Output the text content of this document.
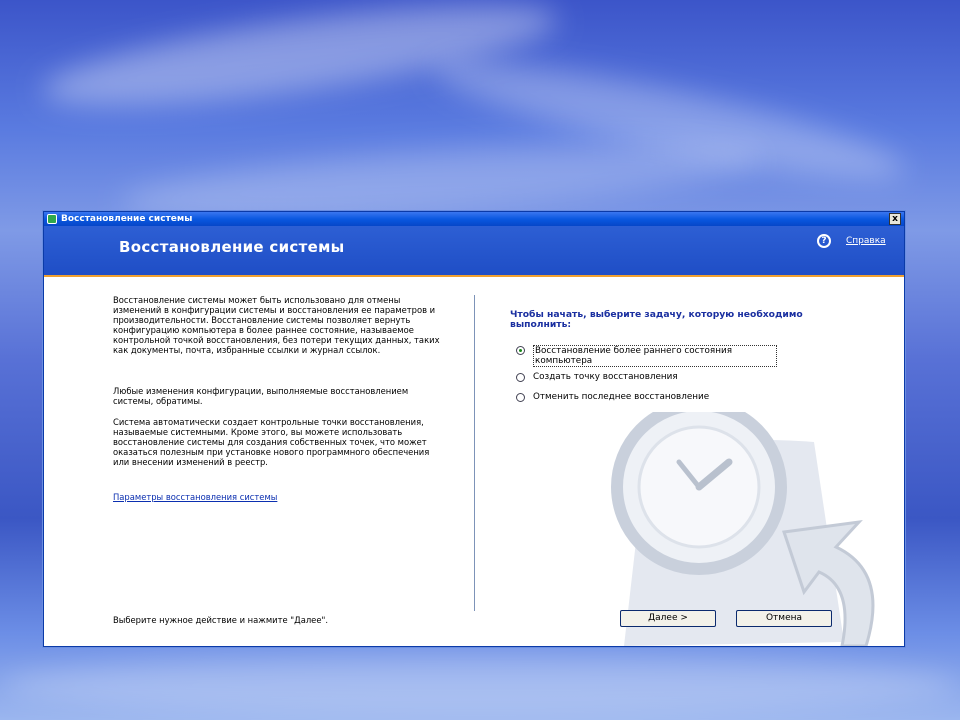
Восстановление системы	x
Восстановление системы	?	Справка
Восстановление системы может быть использовано для отмены изменений в конфигурации системы и восстановления ее параметров и производительности. Восстановление системы позволяет вернуть конфигурацию компьютера в более раннее состояние, называемое контрольной точкой восстановления, без потери текущих данных, таких как документы, почта, избранные ссылки и журнал ссылок.
Любые изменения конфигурации, выполняемые восстановлением системы, обратимы.
Система автоматически создает контрольные точки восстановления, называемые системными. Кроме этого, вы можете использовать восстановление системы для создания собственных точек, что может оказаться полезным при установке нового программного обеспечения или внесении изменений в реестр.
Параметры восстановления системы
Выберите нужное действие и нажмите "Далее".
Чтобы начать, выберите задачу, которую необходимо выполнить:
Восстановление более раннего состояния компьютера
Создать точку восстановления
Отменить последнее восстановление
Далее >	Отмена
